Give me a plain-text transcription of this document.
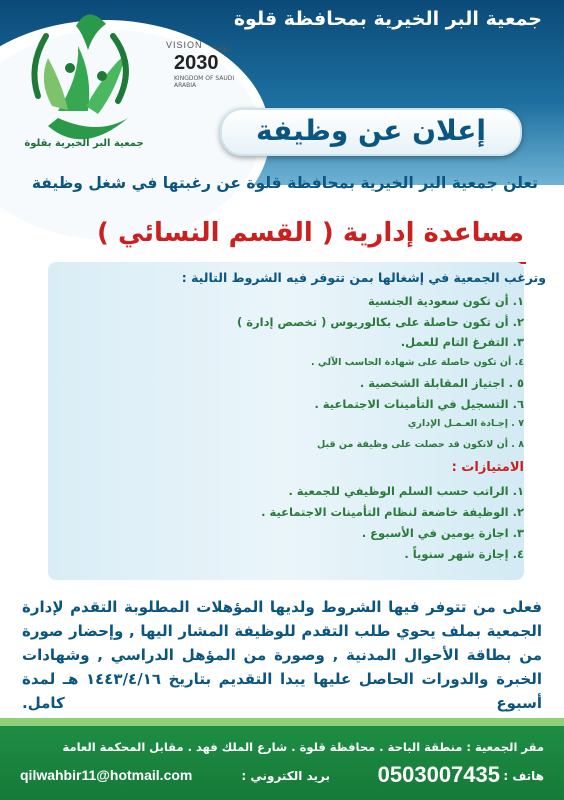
جمعية البر الخيرية بمحافظة قلوة
جمعية البر الخيرية بقلوة
VISION رؤيـة
2030
KINGDOM OF SAUDI ARABIA
إعلان عن وظيفة
تعلن جمعية البر الخيرية بمحافظة قلوة عن رغبتها في شغل وظيفة
مساعدة إدارية ( القسم النسائي )
وترغب الجمعية في إشغالها بمن تتوفر فيه الشروط التالية :
١. أن تكون سعودية الجنسية
٢. أن تكون حاصلة على بكالوريوس ( تخصص إدارة )
٣. التفرغ التام للعمل.
٤. أن تكون حاصلة على شهادة الحاسب الآلي .
٥ . اجتياز المقابلة الشخصية .
٦. التسجيل في التأمينات الاجتماعية .
٧ . إجـادة العـمـل الإداري
٨ . أن لاتكون قد حصلت على وظيفة من قبل
الامتيازات :
١. الراتب حسب السلم الوظيفي للجمعية .
٢. الوظيفة خاضعة لنظام التأمينات الاجتماعية .
٣. اجازة يومين في الأسبوع .
٤. إجازة شهر سنوياً .

فعلى من تتوفر فيها الشروط ولديها المؤهلات المطلوبة التقدم لإدارة الجمعية بملف يحوي طلب التقدم للوظيفة المشار اليها , وإحضار صورة من بطاقة الأحوال المدنية , وصورة من المؤهل الدراسي , وشهادات الخبرة والدورات الحاصل عليها يبدا التقديم بتاريخ ١٤٤٣/٤/١٦ هـ لمدة أسبوع كامل.

مقر الجمعية : منطقة الباحة . محافظة قلوة . شارع الملك فهد . مقابل المحكمة العامة
هاتف :
0503007435
بريد الكتروني :
qilwahbir11@hotmail.com
